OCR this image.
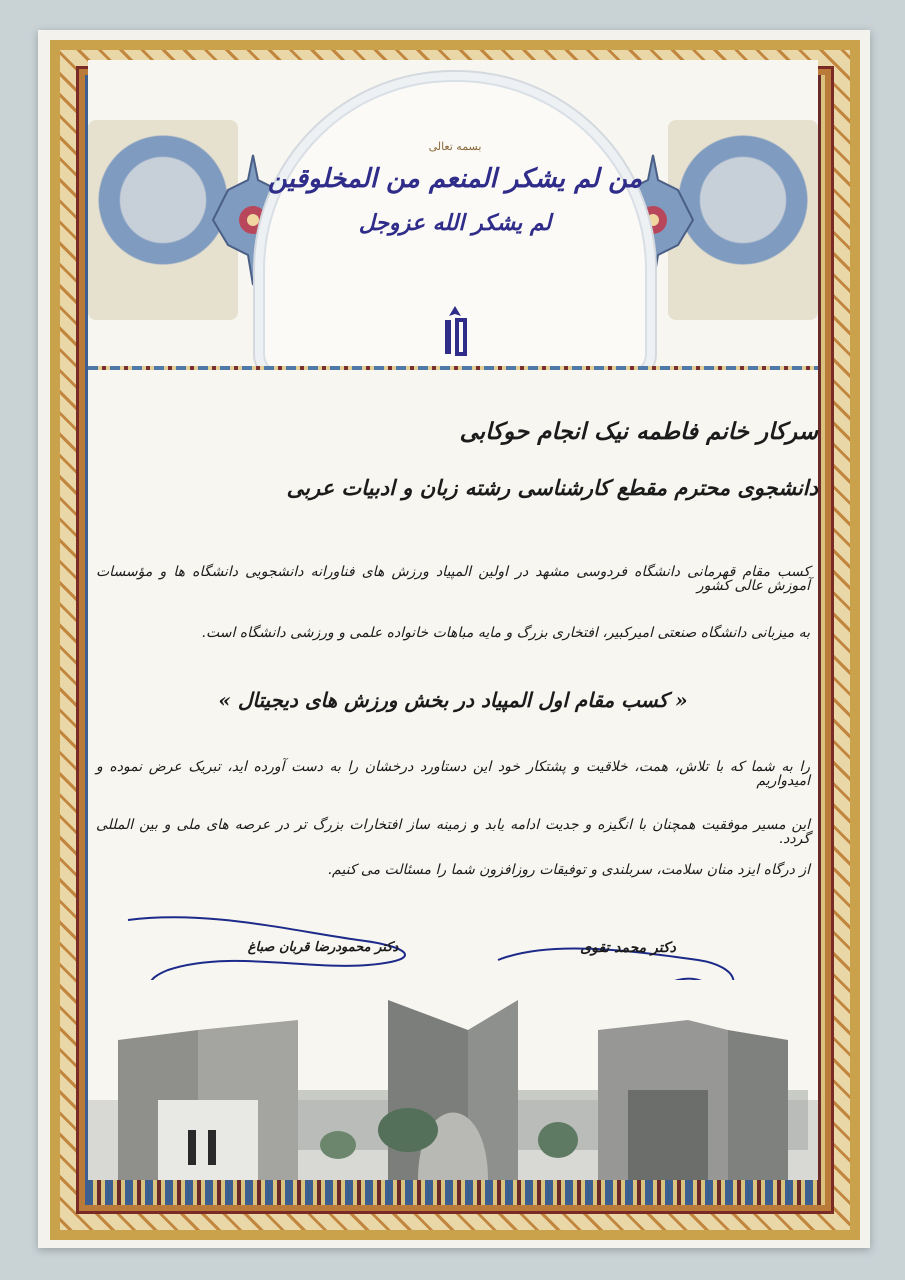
بسمه تعالی
من لم یشکر المنعم من المخلوقین
لم یشکر الله عزوجل
سرکار خانم فاطمه نیک انجام حوکابی
دانشجوی محترم مقطع کارشناسی رشته زبان و ادبیات عربی
کسب مقام قهرمانی دانشگاه فردوسی مشهد در اولین المپیاد ورزش های فناورانه دانشجویی دانشگاه ها و مؤسسات آموزش عالی کشور
به میزبانی دانشگاه صنعتی امیرکبیر، افتخاری بزرگ و مایه مباهات خانواده علمی و ورزشی دانشگاه است.
« کسب مقام اول المپیاد در بخش ورزش های دیجیتال »
را به شما که با تلاش، همت، خلاقیت و پشتکار خود این دستاورد درخشان را به دست آورده اید، تبریک عرض نموده و امیدواریم
این مسیر موفقیت همچنان با انگیزه و جدیت ادامه یابد و زمینه ساز افتخارات بزرگ تر در عرصه های ملی و بین المللی گردد.
از درگاه ایزد منان سلامت، سربلندی و توفیقات روزافزون شما را مسئالت می کنیم.
دکتر محمد تقوی
دکتر محمودرضا قربان صباغ
